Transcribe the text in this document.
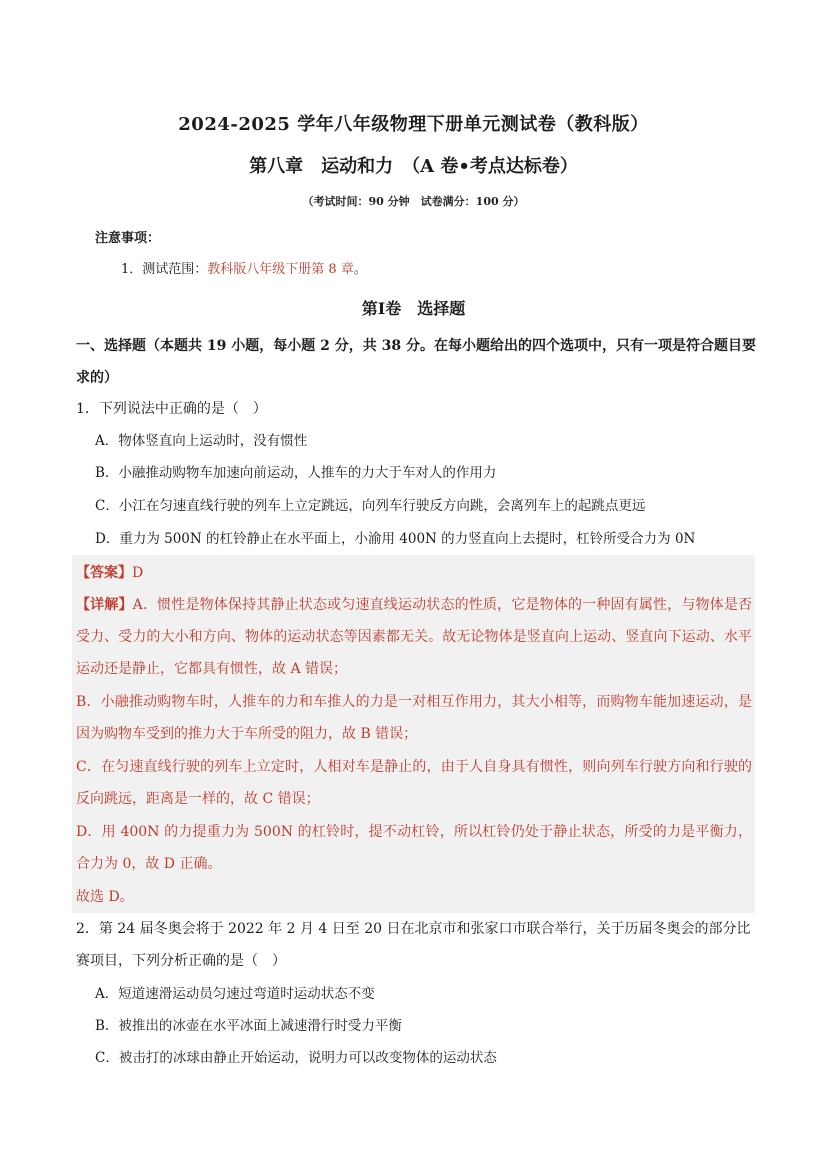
2024-2025 学年八年级物理下册单元测试卷（教科版）
第八章　运动和力　（A 卷•考点达标卷）
（考试时间：90 分钟　试卷满分：100 分）
注意事项：
1．测试范围：教科版八年级下册第 8 章。
第Ⅰ卷　选择题
一、选择题（本题共 19 小题，每小题 2 分，共 38 分。在每小题给出的四个选项中，只有一项是符合题目要求的）
1．下列说法中正确的是（　）
A．物体竖直向上运动时，没有惯性
B．小融推动购物车加速向前运动，人推车的力大于车对人的作用力
C．小江在匀速直线行驶的列车上立定跳远，向列车行驶反方向跳，会离列车上的起跳点更远
D．重力为 500N 的杠铃静止在水平面上，小渝用 400N 的力竖直向上去提时，杠铃所受合力为 0N
【答案】D
【详解】A．惯性是物体保持其静止状态或匀速直线运动状态的性质，它是物体的一种固有属性，与物体是否受力、受力的大小和方向、物体的运动状态等因素都无关。故无论物体是竖直向上运动、竖直向下运动、水平运动还是静止，它都具有惯性，故 A 错误；
B．小融推动购物车时，人推车的力和车推人的力是一对相互作用力，其大小相等，而购物车能加速运动，是因为购物车受到的推力大于车所受的阻力，故 B 错误；
C．在匀速直线行驶的列车上立定时，人相对车是静止的，由于人自身具有惯性，则向列车行驶方向和行驶的反向跳远，距离是一样的，故 C 错误；
D．用 400N 的力提重力为 500N 的杠铃时，提不动杠铃，所以杠铃仍处于静止状态，所受的力是平衡力，合力为 0，故 D 正确。
故选 D。
2．第 24 届冬奥会将于 2022 年 2 月 4 日至 20 日在北京市和张家口市联合举行，关于历届冬奥会的部分比赛项目，下列分析正确的是（　）
A．短道速滑运动员匀速过弯道时运动状态不变
B．被推出的冰壶在水平冰面上减速滑行时受力平衡
C．被击打的冰球由静止开始运动，说明力可以改变物体的运动状态
